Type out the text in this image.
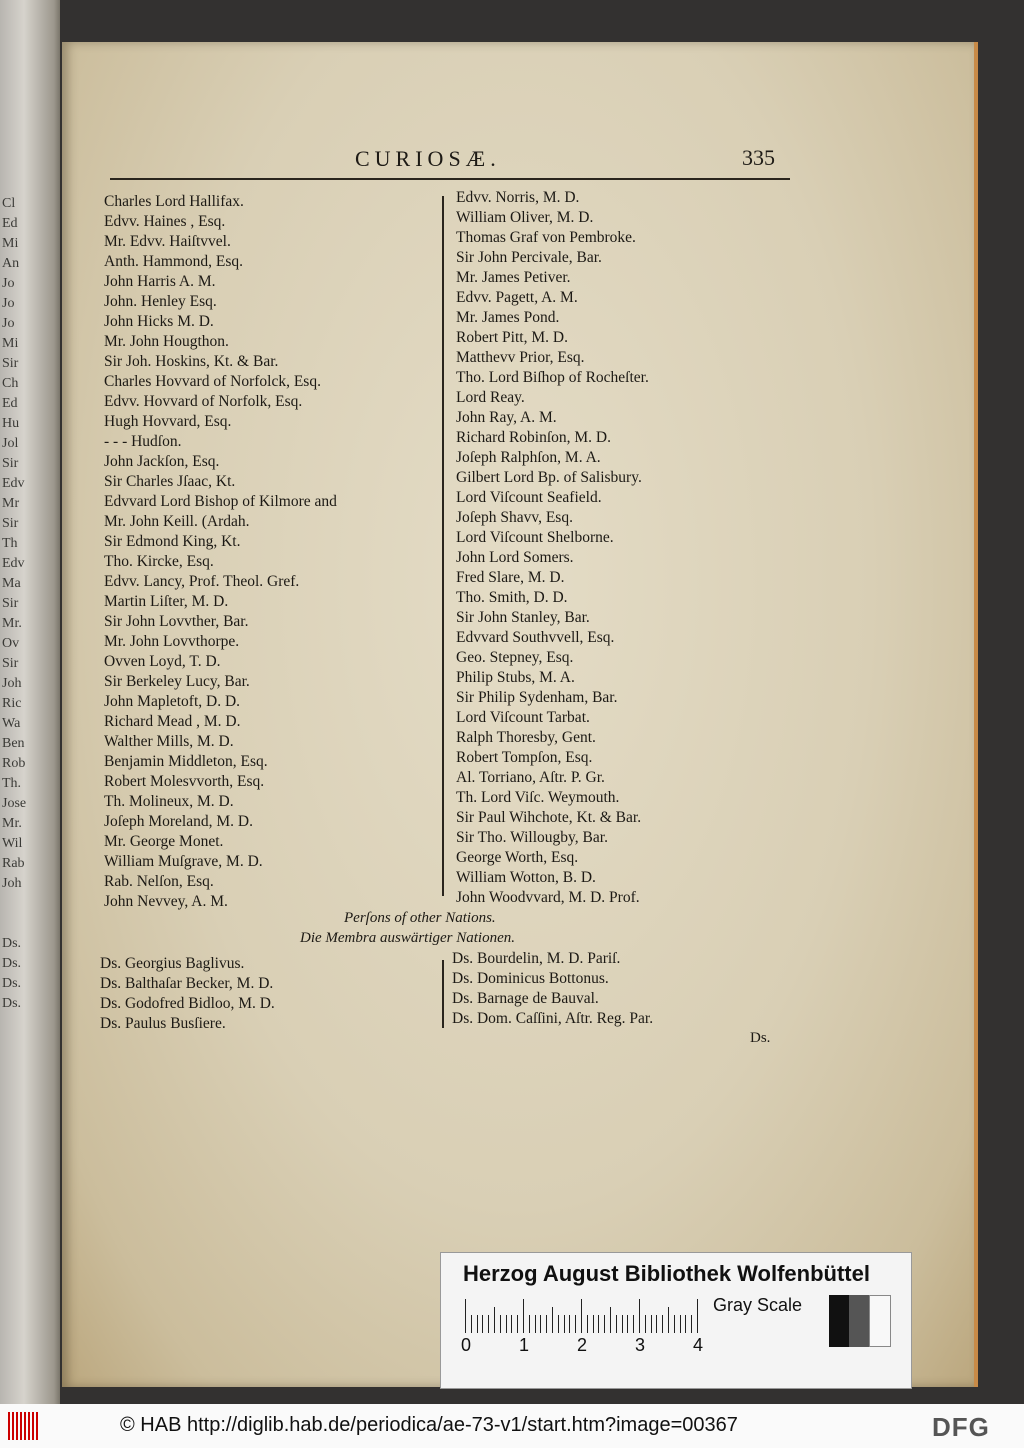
Cl
Ed
Mi
An
Jo
Jo
Jo
Mi
Sir
Ch
Ed
Hu
Jol
Sir
Edv
Mr
Sir
Th
Edv
Ma
Sir
Mr.
Ov
Sir
Joh
Ric
Wa
Ben
Rob
Th.
Jose
Mr.
Wil
Rab
Joh
Ds.
Ds.
Ds.
Ds.
CURIOSÆ.	335
Charles Lord Hallifax.
Edvv. Haines , Esq.
Mr. Edvv. Haiſtvvel.
Anth. Hammond, Esq.
John Harris A. M.
John. Henley Esq.
John Hicks M. D.
Mr. John Hougthon.
Sir Joh. Hoskins, Kt. & Bar.
Charles Hovvard of Norfolck, Esq.
Edvv. Hovvard of Norfolk, Esq.
Hugh Hovvard, Esq.
- - - Hudſon.
John Jackſon, Esq.
Sir Charles Jſaac, Kt.
Edvvard Lord Bishop of Kilmore and
Mr. John Keill. (Ardah.
Sir Edmond King, Kt.
Tho. Kircke, Esq.
Edvv. Lancy, Prof. Theol. Gref.
Martin Liſter, M. D.
Sir John Lovvther, Bar.
Mr. John Lovvthorpe.
Ovven Loyd, T. D.
Sir Berkeley Lucy, Bar.
John Mapletoft, D. D.
Richard Mead , M. D.
Walther Mills, M. D.
Benjamin Middleton, Esq.
Robert Molesvvorth, Esq.
Th. Molineux, M. D.
Joſeph Moreland, M. D.
Mr. George Monet.
William Muſgrave, M. D.
Rab. Nelſon, Esq.
John Nevvey, A. M.
Edvv. Norris, M. D.
William Oliver, M. D.
Thomas Graf von Pembroke.
Sir John Percivale, Bar.
Mr. James Petiver.
Edvv. Pagett, A. M.
Mr. James Pond.
Robert Pitt, M. D.
Matthevv Prior, Esq.
Tho. Lord Biſhop of Rocheſter.
Lord Reay.
John Ray, A. M.
Richard Robinſon, M. D.
Joſeph Ralphſon, M. A.
Gilbert Lord Bp. of Salisbury.
Lord Viſcount Seafield.
Joſeph Shavv, Esq.
Lord Viſcount Shelborne.
John Lord Somers.
Fred Slare, M. D.
Tho. Smith, D. D.
Sir John Stanley, Bar.
Edvvard Southvvell, Esq.
Geo. Stepney, Esq.
Philip Stubs, M. A.
Sir Philip Sydenham, Bar.
Lord Viſcount Tarbat.
Ralph Thoresby, Gent.
Robert Tompſon, Esq.
Al. Torriano, Aſtr. P. Gr.
Th. Lord Viſc. Weymouth.
Sir Paul Wihchote, Kt. & Bar.
Sir Tho. Willougby, Bar.
George Worth, Esq.
William Wotton, B. D.
John Woodvvard, M. D. Prof.
Perſons of other Nations.
Die Membra auswärtiger Nationen.
Ds. Georgius Baglivus.
Ds. Balthaſar Becker, M. D.
Ds. Godofred Bidloo, M. D.
Ds. Paulus Busſiere.
Ds. Bourdelin, M. D. Pariſ.
Ds. Dominicus Bottonus.
Ds. Barnage de Bauval.
Ds. Dom. Caſſini, Aſtr. Reg. Par.
Ds.
Herzog August Bibliothek Wolfenbüttel
0	1	2	3	4
Gray Scale
© HAB http://diglib.hab.de/periodica/ae-73-v1/start.htm?image=00367	DFG
